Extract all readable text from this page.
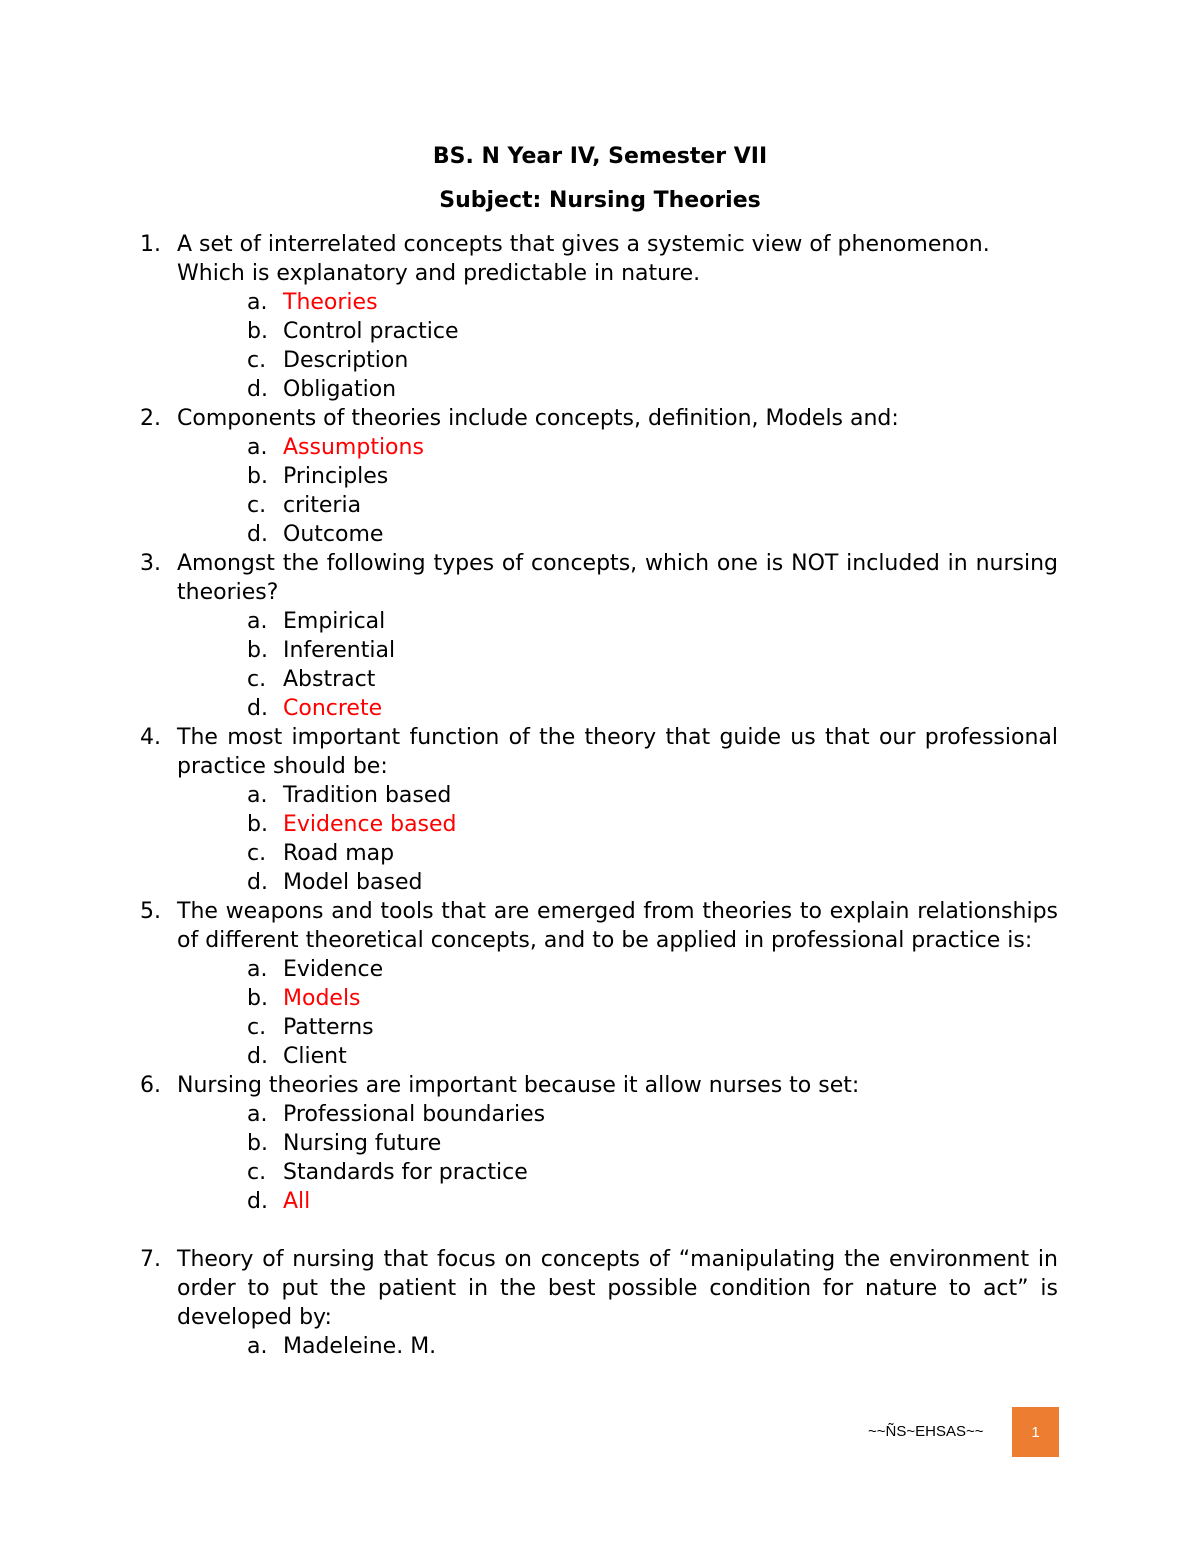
BS. N Year IV, Semester VII
Subject: Nursing Theories
1. A set of interrelated concepts that gives a systemic view of phenomenon. Which is explanatory and predictable in nature.
a. Theories
b. Control practice
c. Description
d. Obligation
2. Components of theories include concepts, definition, Models and:
a. Assumptions
b. Principles
c. criteria
d. Outcome
3. Amongst the following types of concepts, which one is NOT included in nursing theories?
a. Empirical
b. Inferential
c. Abstract
d. Concrete
4. The most important function of the theory that guide us that our professional practice should be:
a. Tradition based
b. Evidence based
c. Road map
d. Model based
5. The weapons and tools that are emerged from theories to explain relationships of different theoretical concepts, and to be applied in professional practice is:
a. Evidence
b. Models
c. Patterns
d. Client
6. Nursing theories are important because it allow nurses to set:
a. Professional boundaries
b. Nursing future
c. Standards for practice
d. All
7. Theory of nursing that focus on concepts of “manipulating the environment in order to put the patient in the best possible condition for nature to act” is developed by:
a. Madeleine. M.
~~ÑS~EHSAS~~	1
